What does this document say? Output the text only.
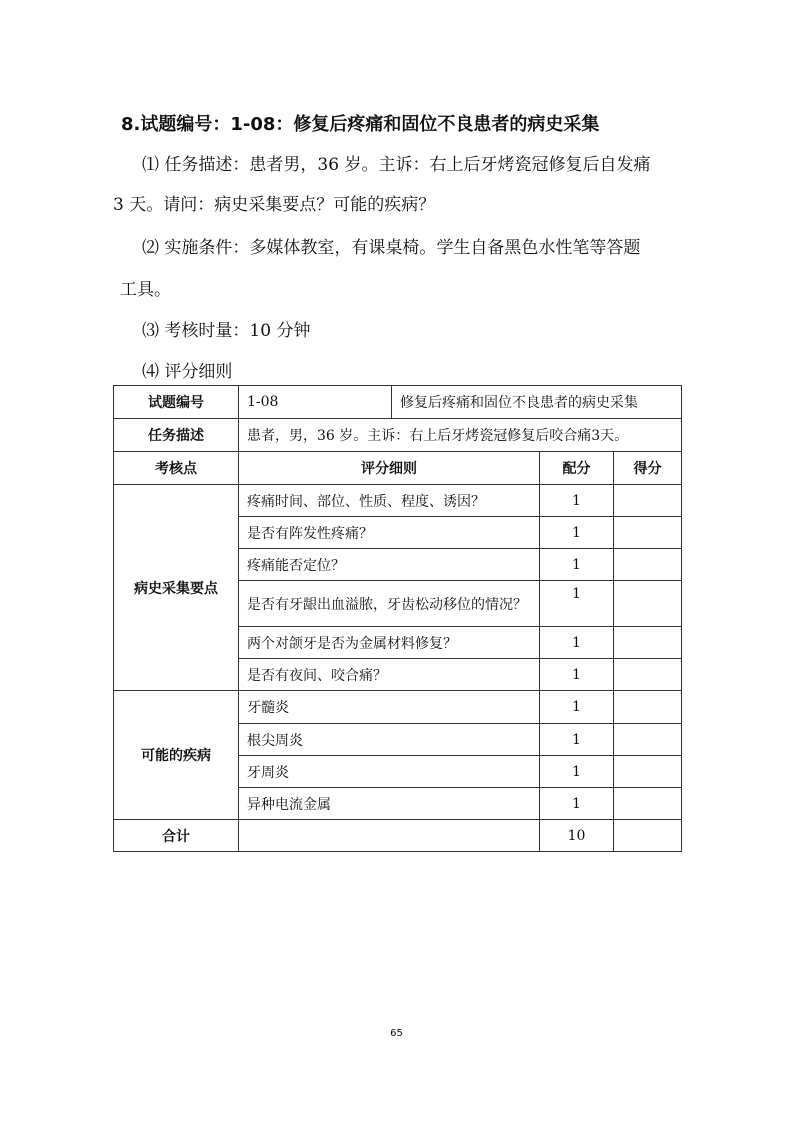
8.试题编号：1-08：修复后疼痛和固位不良患者的病史采集
⑴ 任务描述：患者男，36 岁。主诉：右上后牙烤瓷冠修复后自发痛
3 天。请问：病史采集要点？可能的疾病？
⑵ 实施条件：多媒体教室，有课桌椅。学生自备黑色水性笔等答题
工具。
⑶ 考核时量：10 分钟
⑷ 评分细则
试题编号	1-08	修复后疼痛和固位不良患者的病史采集		
任务描述	患者，男，36 岁。主诉：右上后牙烤瓷冠修复后咬合痛3天。			
考核点	评分细则		配分	得分
病史采集要点	疼痛时间、部位、性质、程度、诱因？		1	
	是否有阵发性疼痛？		1	
	疼痛能否定位？		1	
	是否有牙龈出血溢脓，牙齿松动移位的情况？		1	
	两个对颌牙是否为金属材料修复？		1	
	是否有夜间、咬合痛？		1	
可能的疾病	牙髓炎		1	
	根尖周炎		1	
	牙周炎		1	
	异种电流金属		1	
合计			10	
65
